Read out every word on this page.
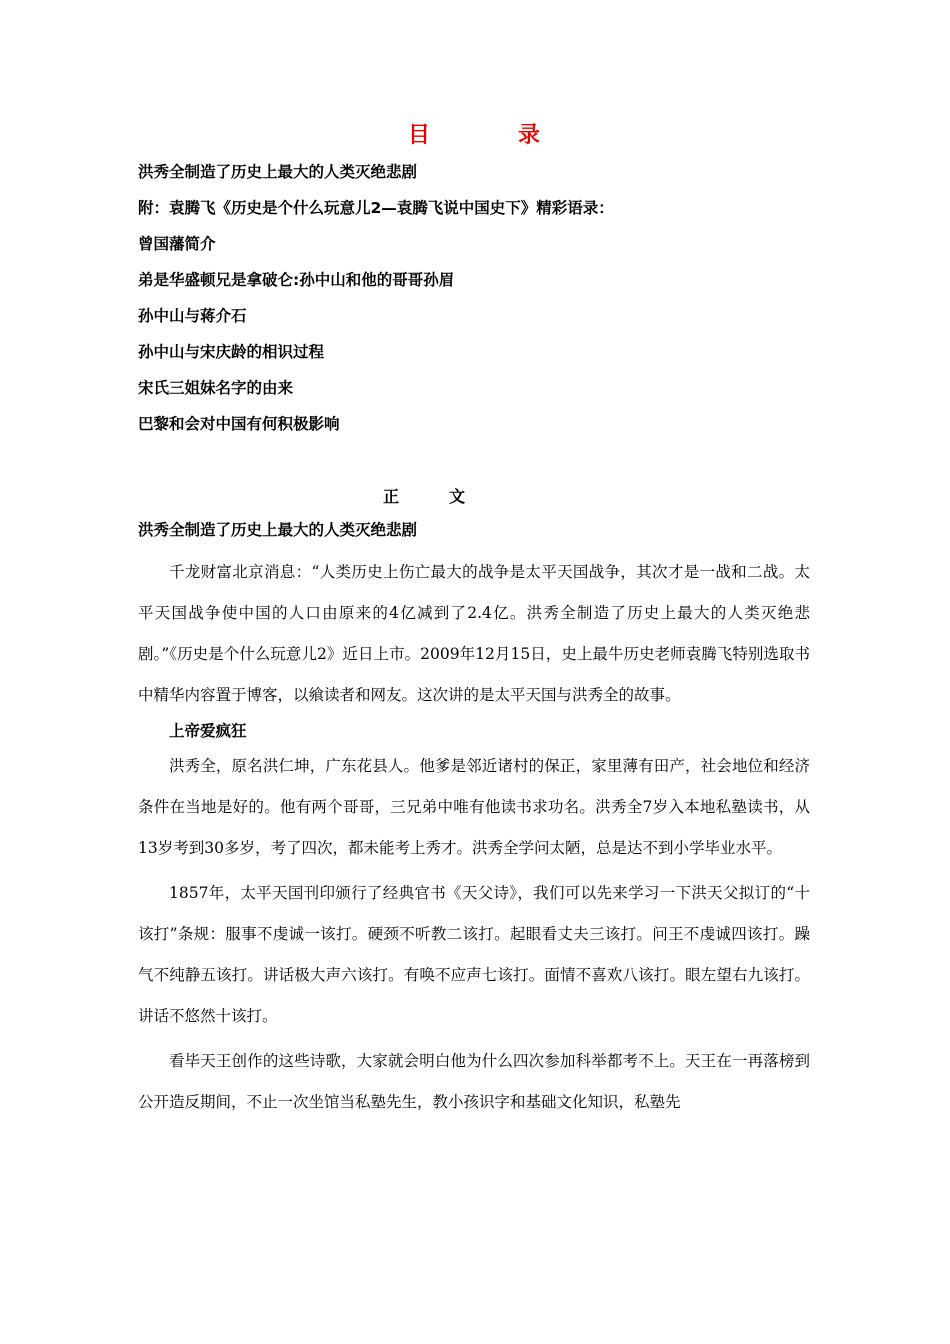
目录
洪秀全制造了历史上最大的人类灭绝悲剧
附：袁腾飞《历史是个什么玩意儿2—袁腾飞说中国史下》精彩语录：
曾国藩简介
弟是华盛顿兄是拿破仑:孙中山和他的哥哥孙眉
孙中山与蒋介石
孙中山与宋庆龄的相识过程
宋氏三姐妹名字的由来
巴黎和会对中国有何积极影响
正文
洪秀全制造了历史上最大的人类灭绝悲剧

千龙财富北京消息：“人类历史上伤亡最大的战争是太平天国战争，其次才是一战和二战。太平天国战争使中国的人口由原来的4亿减到了2.4亿。洪秀全制造了历史上最大的人类灭绝悲剧。”《历史是个什么玩意儿2》近日上市。2009年12月15日，史上最牛历史老师袁腾飞特别选取书中精华内容置于博客，以飨读者和网友。这次讲的是太平天国与洪秀全的故事。

上帝爱疯狂

洪秀全，原名洪仁坤，广东花县人。他爹是邻近诸村的保正，家里薄有田产，社会地位和经济条件在当地是好的。他有两个哥哥，三兄弟中唯有他读书求功名。洪秀全7岁入本地私塾读书，从13岁考到30多岁，考了四次，都未能考上秀才。洪秀全学问太陋，总是达不到小学毕业水平。

1857年，太平天国刊印颁行了经典官书《天父诗》，我们可以先来学习一下洪天父拟订的“十该打”条规：服事不虔诚一该打。硬颈不听教二该打。起眼看丈夫三该打。问王不虔诚四该打。躁气不纯静五该打。讲话极大声六该打。有唤不应声七该打。面情不喜欢八该打。眼左望右九该打。讲话不悠然十该打。

看毕天王创作的这些诗歌，大家就会明白他为什么四次参加科举都考不上。天王在一再落榜到公开造反期间，不止一次坐馆当私塾先生，教小孩识字和基础文化知识，私塾先
